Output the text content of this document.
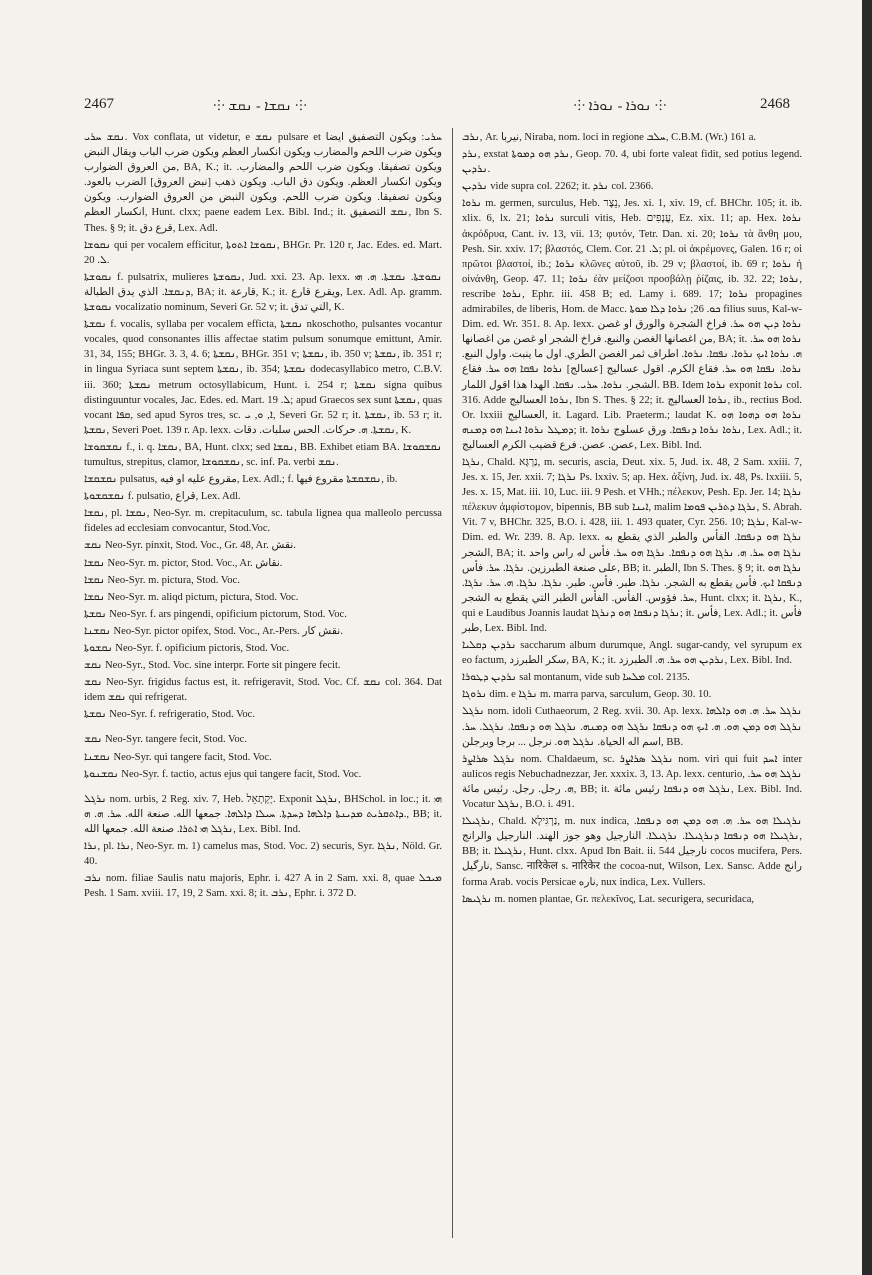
2467	⸭ ܢܩܫܐ - ܢܩܫ ⸭	⸭ ܢܘܪܐ - ܢܘܪܐ ⸭	2468

ܢܩܫ ܚܪܝ. Vox conflata, ut videtur, e ܢܩܫ pulsare et ܚܪܝ: ويكون التصفيق ايضا ويكون ضرب اللحم والمضارب ويكون انكسار العظم ويكون ضرب الباب ويقال النبض من العروق الضوارب, BA, K.; it. ويكون تصفيقا. ويكون ضرب اللحم والمضارب. ويكون انكسار العظم. ويكون دق الباب. ويكون ذهب [نبض العروق] الضرب بالعود. ويكون تصفيقا. ويكون ضرب اللحم. ويكون النبض من العروق الضوارب. ويكون انكسار العظم, Hunt. clxx; paene eadem Lex. Bibl. Ind.; it. ܢܩܫ التصفيق, Ibn S. Thes. § 9; it. قرع دق, Lex. Adl.

ܢܩܘܫܐ qui per vocalem efficitur, ܢܩܘܫܐ ܐܬܘܬܐ, BHGr. Pr. 120 r, Jac. Edes. ed. Mart. ܠ. 20.

ܢܩܘܫܬܐ f. pulsatrix, mulieres ܢܩܘܫܬܐ, Jud. xxi. 23. Ap. lexx. ܢܩܘܫܬܐ. ܢܩܫܬܐ. ܗ. ܗܝ ܕܢܩܫܐ. الذي يدق الطبالة, BA; it. قارعة, K.; it. ويقرع قارع, Lex. Adl. Ap. gramm. ܢܩܘܫܬܐ vocalizatio nominum, Severi Gr. 52 v; it. التي تدق, K.

ܢܩܫܬܐ f. vocalis, syllaba per vocalem efficta, ܢܩܫܬܐ nkoschotho, pulsantes vocantur vocales, quod consonantes illis affectae statim pulsum sonumque emittunt, Amir. 31, 34, 155; BHGr. 3. 3, 4. 6; ܢܩܫܬܐ, BHGr. 351 v; ܢܩܫܬܐ, ib. 350 v; ܢܩܫܬܐ, ib. 351 r; in lingua Syriaca sunt septem ܢܩܫܬܐ, ib. 354; ܢܩܫܬܐ dodecasyllabico metro, C.B.V. iii. 360; ܢܩܫܬܐ metrum octosyllabicum, Hunt. i. 254 r; ܢܩܫܬܐ signa quibus distinguuntur vocales, Jac. Edes. ed. Mart. ܠ. 19; apud Graecos sex sunt ܢܩܫܬܐ, quas vocant ܩܦܐ, sed apud Syros tres, sc. ܐ, ܘ, ܝ, Severi Gr. 52 r; it. ܢܩܫܬܐ, ib. 53 r; it. ܢܩܫܬܐ, Severi Poet. 139 r. Ap. lexx. ܢܩܫܬܐ. ܗ. حركات. الحس سلبات. دقات, K.

ܢܩܫܩܘܫܐ f., i. q. ܢܩܫܐ, BA, Hunt. clxx; sed ܢܩܫܐ, BB. Exhibet etiam BA. ܢܩܫܩܘܫܐ tumultus, strepitus, clamor, ܢܩܫܩܘܫܐ, sc. inf. Pa. verbi ܢܩܫ.

ܢܩܫܩܫܐ pulsatus, مقروع عليه او فيه, Lex. Adl.; f. ܢܩܫܩܫܬܐ مقروع فيها, ib.

ܢܩܫܩܫܘܬܐ f. pulsatio, قراع, Lex. Adl.

ܢܩܫܐ, pl. ܢܩܫܐ, Neo-Syr. m. crepitaculum, sc. tabula lignea qua malleolo percussa fideles ad ecclesiam convocantur, Stod.Voc.

ܢܩܫ Neo-Syr. pinxit, Stod. Voc., Gr. 48, Ar. نقش.

ܢܩܫܐ Neo-Syr. m. pictor, Stod. Voc., Ar. نقاش.

ܢܩܫܐ Neo-Syr. m. pictura, Stod. Voc.

ܢܩܫܐ Neo-Syr. m. aliqd pictum, pictura, Stod. Voc.

ܢܩܫܬܐ Neo-Syr. f. ars pingendi, opificium pictorum, Stod. Voc.

ܢܩܫܢܐ Neo-Syr. pictor opifex, Stod. Voc., Ar.-Pers. نقش كار.

ܢܩܫܘܬܐ Neo-Syr. f. opificium pictoris, Stod. Voc.

ܢܩܫ Neo-Syr., Stod. Voc. sine interpr. Forte sit pingere fecit.

ܢܩܫ Neo-Syr. frigidus factus est, it. refrigeravit, Stod. Voc. Cf. ܢܩܫ col. 364. Dat idem ܢܩܫ qui refrigerat.

ܢܩܫܬܐ Neo-Syr. f. refrigeratio, Stod. Voc.

ܢܩܫ Neo-Syr. tangere fecit, Stod. Voc.

ܢܩܫܢܐ Neo-Syr. qui tangere facit, Stod. Voc.

ܢܩܫܢܘܬܐ Neo-Syr. f. tactio, actus ejus qui tangere facit, Stod. Voc.

ܢܪܓܠ nom. urbis, 2 Reg. xiv. 7, Heb. יָקְתְאֵל. Exponit ܢܪܓܠ, BHSchol. in loc.; it. ܗܝ ܕܐܬܩܪܝܬ ܡܕܝܢܬܐ ܕܐܠܗܐ ܕܚܕܬܐ. ܚܝܠܐ ܕܐܠܗܐ. جمعها الله. صنعة الله. ܚܪ. ܗ. ܗ., BB; it. ܢܪܓܠ ܗܝ ܐܬܪܐ. صنعة الله. جمعها الله, Lex. Bibl. Ind.

ܢܪܐ, pl. ܢܪܐ, Neo-Syr. m. 1) camelus mas, Stod. Voc. 2) securis, Syr. ܢܪܓܐ, Nöld. Gr. 40.

ܢܪܒ nom. filiae Saulis natu majoris, Ephr. i. 427 A in 2 Sam. xxi. 8, quae ܡܝܟܠ Pesh. 1 Sam. xviii. 17, 19, 2 Sam. xxi. 8; it. ܢܪܒ, Ephr. i. 372 D.

ܢܪܒ, Ar. نيربا, Niraba, nom. loci in regione ܚܠܒ, C.B.M. (Wr.) 161 a.

ܢܪܕ, exstat ܢܪܕ ܗܘ ܕܡܘܬܐ, Geop. 70. 4, ubi forte valeat fidit, sed potius legend. ܢܪܕܝܢ.

ܢܪܕܝܢ vide supra col. 2262; it. ܢܪܕ col. 2366.

ܢܪܘܐ m. germen, surculus, Heb. נֵצֶר, Jes. xi. 1, xiv. 19, cf. BHChr. 105; it. ib. xlix. 6, lx. 21; ܢܪܘܐ surculi vitis, Heb. עֲנָפִים, Ez. xix. 11; ap. Hex. ܢܪܘܐ ἀκρόδρυα, Cant. iv. 13, vii. 13; φυτόν, Tetr. Dan. xi. 20; ܢܪܘܐ τὰ ἄνθη μου, Pesh. Sir. xxiv. 17; βλαστός, Clem. Cor. ܠ. 21; pl. οἱ ἀκρέμονες, Galen. 16 r; οἱ πρῶτοι βλαστοί, ib.; ܢܪܘܐ κλῶνες αὐτοῦ, ib. 29 v; βλαστοί, ib. 69 r; ܢܪܘܐ ἡ οἰνάνθη, Geop. 47. 11; ܢܪܘܐ ἐὰν μείζοσι προσβάλῃ ῥίζαις, ib. 32. 22; ܢܪܘܐ, rescribe ܢܪܘܐ, Ephr. iii. 458 B; ed. Lamy i. 689. 17; ܢܪܘܐ propagines admirabiles, de liberis, Hom. de Macc. ܟܘ. 26; ܢܪܘܐ ܕܠܐ ܡܘܬܐ filius suus, Kal-w-Dim. ed. Wr. 351. 8. Ap. lexx. ܢܪܘܐ ܕܝܢ ܗܘ ܚܪ. فراخ الشجرة والورق او غصن من اغصانها الغصن والنبع. فراخ الشجر او غصن من اغصانها, BA; it. ܢܪܘܐ ܗܘ ܚܪ. ܗ. ܢܪܘܐ ܐܝܟ ܢܪܘܐ. ܢܦܩܐ. ܢܪܘܐ. اطراف ثمر الغصن الطري. اول ما ينبت. واول النبع. ܢܪܘܐ. ܢܦܩܐ ܗܘ ܚܪ. فقاع الكرم. اقول عساليج [عسالج] ܢܪܘܐ ܢܦܩܐ ܗܘ ܚܪ. فقاع الشجر. ܢܪܘܐ. ܚܪܝ. ܢܦܩܐ. الهدا هذا اقول اللمار. BB. Idem ܢܪܘܐ exponit ܢܪܘܐ col. 316. Adde ܢܪܘܐ العساليج, Ibn S. Thes. § 22; it. ܢܪܘܐ العساليج, ib., rectius Bod. Or. lxxiii العساليج, it. Lagard. Lib. Praeterm.; laudat K. ܢܪܘܐ ܗܘ ܕܗܘܐ ܗܘ ܕܡܛܠ ܢܪܘܐ ܐܝܢܐ ܗܘ ܕܡܢܗ; it. ܢܪܘܐ ܢܪܘܐ ܕܢܦܩܐ. ورق عسلوج ܢܪܘܐ, Lex. Adl.; it. عصن. عصن. فرع قضيب الكرم العساليج, Lex. Bibl. Ind.

ܢܪܓܐ, Chald. נַרְגָּא, m. securis, ascia, Deut. xix. 5, Jud. ix. 48, 2 Sam. xxiii. 7, Jes. x. 15, Jer. xxii. 7; ܢܪܓܐ Ps. lxxiv. 5; ap. Hex. ἀξίνη, Jud. ix. 48, Ps. lxxiii. 5, Jes. x. 15, Mat. iii. 10, Luc. iii. 9 Pesh. et VHh.; πέλεκυν, Pesh. Ep. Jer. 14; ܢܪܓܐ πέλεκυν ἀμφίστομον, bipennis, BB sub ܐܝܢܐ, malim ܢܪܓܐ ܕܬܪܝܢ ܦܘܡܐ, S. Abrah. Vit. 7 v, BHChr. 325, B.O. i. 428, iii. 1. 493 quater, Cyr. 256. 10; ܢܪܓܐ, Kal-w-Dim. ed. Wr. 239. 8. Ap. lexx. ܢܪܓܐ ܗܘ ܕܢܦܩܐ. الفأس والطبر الذي يقطع به الشجر, BA; it. ܢܪܓܐ ܗܘ ܚܪ. ܗ. ܢܪܓܐ ܗܘ ܕܢܦܩܐ. ܢܪܓܐ ܗܘ ܚܪ. فأس له راس واحد على صنعة الطبرزين. ܢܪܓܐ. ܚܪ. فأس, BB; it. الطبر, Ibn S. Thes. § 9; it. ܢܪܓܐ ܗܘ ܕܢܦܩܐ ܐܝܟ. فأس يقطع به الشجر. ܢܪܓܐ. طبر. فأس. طبر. ܢܪܓܐ. ܢܪܓܐ. ܗ. ܚܪ. ܢܪܓܐ. ܚܪ. فؤوس. الفأس. الفأس الطبر التي يقطع به الشجر, Hunt. clxx; it. ܢܪܓܐ, K., qui e Laudibus Joannis laudat ܢܪܓܐ ܕܢܦܩܐ ܗܘ ܕܢܪܓܐ; it. فأس, Lex. Adl.; it. فأس طبر, Lex. Bibl. Ind.

ܢܪܕܝܢ ܕܩܠܝܐ saccharum album durumque, Angl. sugar-candy, vel syrupum ex eo factum, سكر الطبرزد, BA, K.; it. ܢܪܕܝܢ ܗܘ ܚܪ. ܗ. الطبرزد, Lex. Bibl. Ind.

ܢܪܕܝܢ ܕܛܘܪܐ sal montanum, vide sub ܡܠܚܐ col. 2135.

ܢܪܘܓܐ dim. e ܢܪܓܐ m. marra parva, sarculum, Geop. 30. 10.

ܢܪܓܠ nom. idoli Cuthaeorum, 2 Reg. xvii. 30. Ap. lexx. ܢܪܓܠ ܚܪ. ܗ. ܗܘ ܕܐܠܗܐ ܢܪܓܠ ܗܘ ܕܡܢ ܗܘ. ܗ. ܐܝܟ ܗܘ ܕܢܦܩܐ ܢܪܓܠ ܗܘ ܕܡܢܗ. ܢܪܓܠ ܗܘ ܕܢܦܩܐ. ܢܪܓܠ. ܚܪ. اسم اله الحياة. ܢܪܓܠ ܗܘ. نرجل ... برجا وبرجلن, BB.

ܢܪܓܠ ܣܪܐܨܪ nom. Chaldaeum, sc. ܢܪܓܠ ܣܪܐܨܪ nom. viri qui fuit ܐܚܕ inter aulicos regis Nebuchadnezzar, Jer. xxxix. 3, 13. Ap. lexx. centurio, ܢܪܓܠ ܗܘ ܚܪ. ܗ. رجل. رجل. رئيس مائة, BB; it. ܢܪܓܠ ܗܘ ܕܢܦܩܐ رئيس مائة, Lex. Bibl. Ind. Vocatur ܢܪܓܠ, B.O. i. 491.

ܢܪܓܝܠܐ, Chald. נַרְגִּילָא, m. nux indica, ܢܪܓܝܠܐ ܗܘ ܚܪ. ܗ. ܗܘ ܕܡܢ ܗܘ ܕܢܦܩܐ. ܢܪܓܝܠܐ ܗܘ ܕܢܦܩܐ ܕܢܪܓܝܠܐ. ܢܪܓܝܠܐ. النارجيل وهو جوز الهند. النارجيل والرانج, BB; it. ܢܪܓܝܠܐ, Hunt. clxx. Apud Ibn Bait. ii. 544 نارجيل cocos mucifera, Pers. نارگيل, Sansc. नारिकेल s. नारिकेर the cocoa-nut, Wilson, Lex. Sansc. Adde رانج forma Arab. vocis Persicae ناره, nux indica, Lex. Vullers.

ܢܪܓܝܣܐ m. nomen plantae, Gr. πελεκῖνος, Lat. securigera, securidaca,
